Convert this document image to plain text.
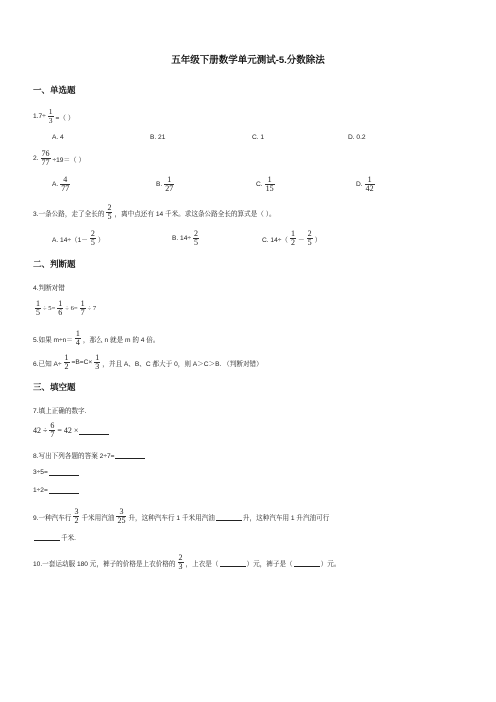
五年级下册数学单元测试-5.分数除法
一、单选题
$1.7\div \frac{1}{3}$ =（ ）
A. 4	B. 21	C. 1	D. 0.2
2. $\frac{76}{77} \div 19=$（ ）
A. $\frac{4}{77}$	B. $\frac{1}{27}$	C. $\frac{1}{15}$	D. $\frac{1}{42}$
3.一条公路，走了全长的 $\frac{2}{5}$ ，离中点还有 14 千米。求这条公路全长的算式是（ ）。
A. $14\div(1- \frac{2}{5}$ ）	B. $14\div \frac{2}{5}$	C. $14\div( \frac{1}{2} - \frac{2}{5}$ ）
二、判断题
4.判断对错
$\frac{1}{5} \div 5= \frac{1}{6} \div 6= \frac{1}{7} \div 7$
5.如果 $m\div n= \frac{1}{4}$ ，那么 n 就是 m 的 4 倍。
6.已知 $A\div \frac{1}{2} =B=C\times \frac{1}{3}$ ，并且 A、B、C 都大于 0，则 A＞C＞B. （判断对错）
三、填空题
7.填上正确的数字.
$42 \div \frac{6}{7} = 42$ ×
8.写出下列各题的答案 2÷7=
3÷5=
1÷2=
9.一种汽车行 $\frac{3}{2}$ 千米用汽油 $\frac{3}{25}$ 升，这种汽车行 1 千米用汽油	升，这种汽车用 1 升汽油可行
千米.
10.一套运动服 180 元，裤子的价格是上衣价格的 $\frac{2}{3}$ ，上衣是（	）元，裤子是（	）元。
